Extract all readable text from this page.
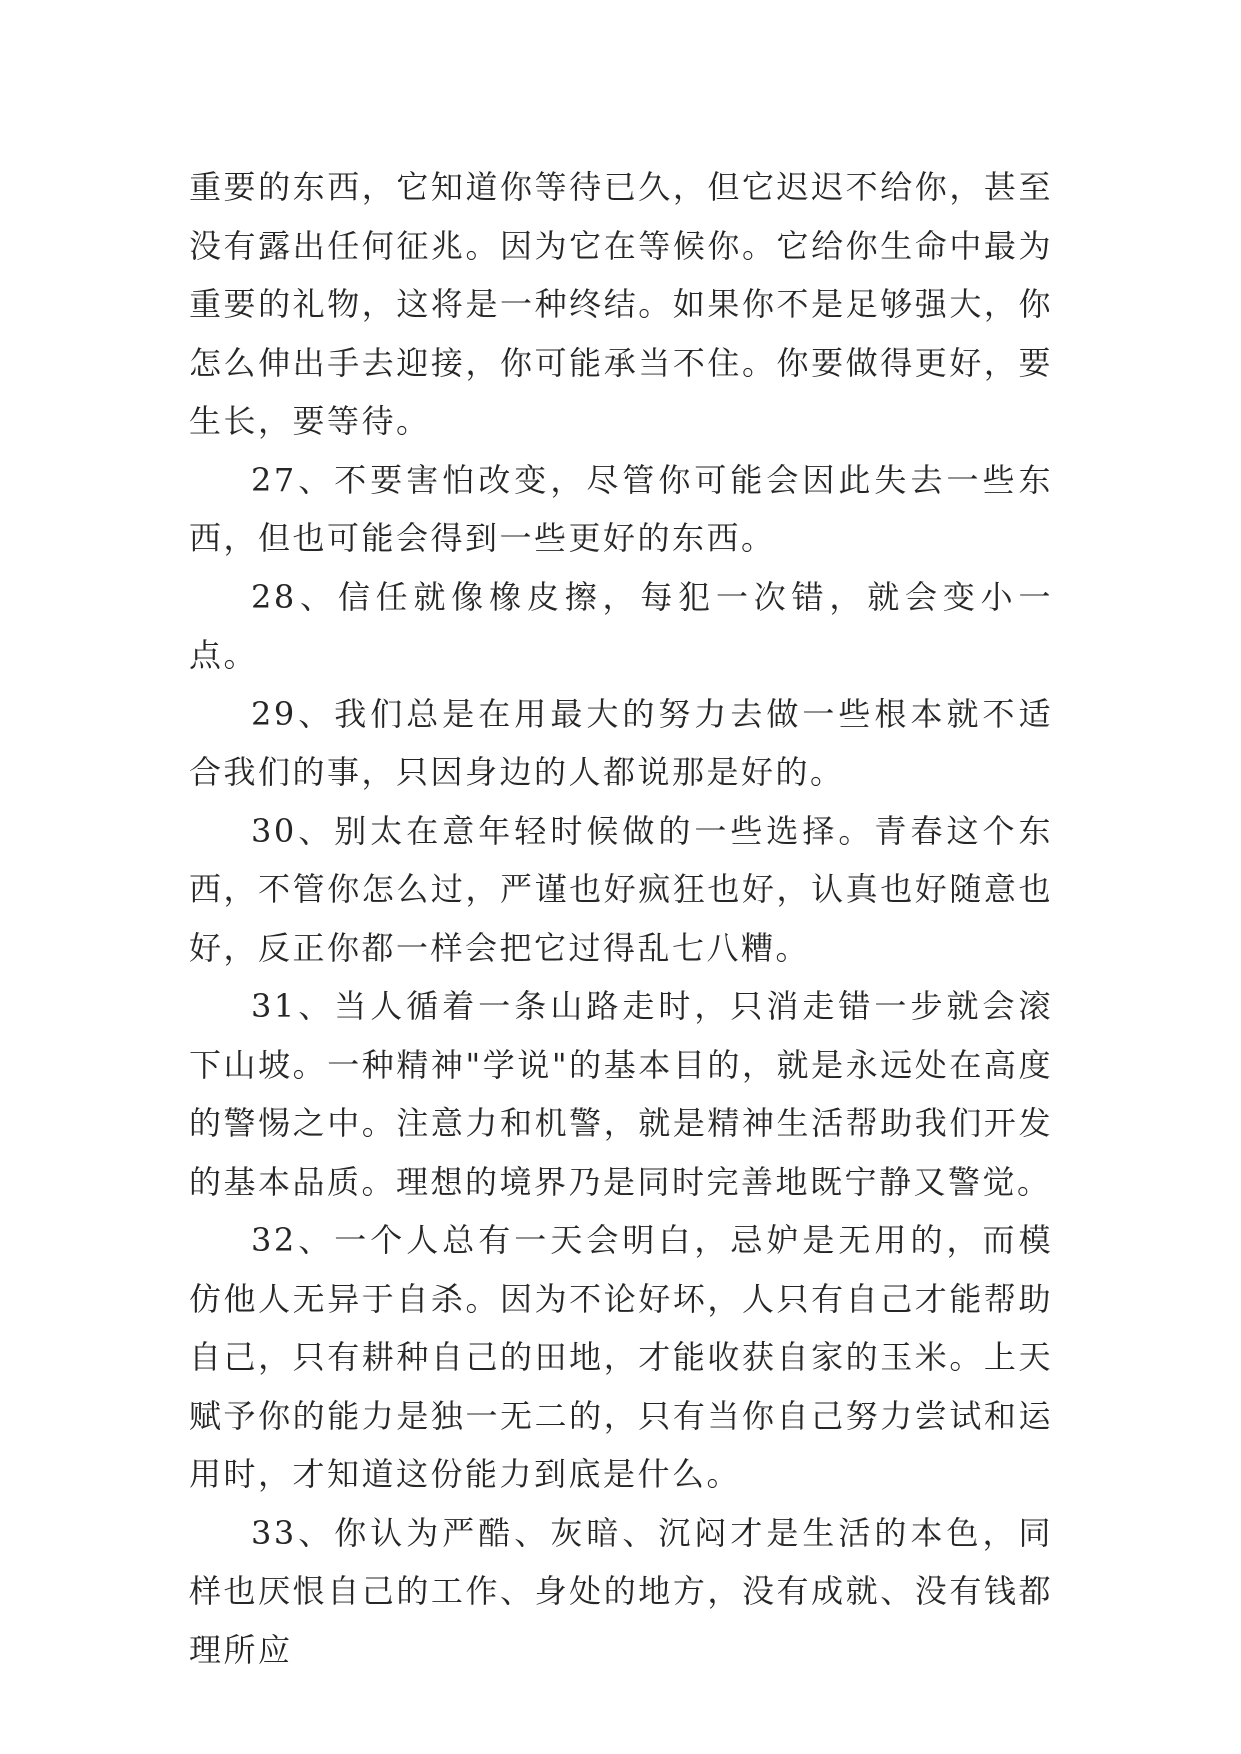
重要的东西，它知道你等待已久，但它迟迟不给你，甚至没有露出任何征兆。因为它在等候你。它给你生命中最为重要的礼物，这将是一种终结。如果你不是足够强大，你怎么伸出手去迎接，你可能承当不住。你要做得更好，要生长，要等待。

27、不要害怕改变，尽管你可能会因此失去一些东西，但也可能会得到一些更好的东西。

28、信任就像橡皮擦，每犯一次错，就会变小一点。

29、我们总是在用最大的努力去做一些根本就不适合我们的事，只因身边的人都说那是好的。

30、别太在意年轻时候做的一些选择。青春这个东西，不管你怎么过，严谨也好疯狂也好，认真也好随意也好，反正你都一样会把它过得乱七八糟。

31、当人循着一条山路走时，只消走错一步就会滚下山坡。一种精神"学说"的基本目的，就是永远处在高度的警惕之中。注意力和机警，就是精神生活帮助我们开发的基本品质。理想的境界乃是同时完善地既宁静又警觉。

32、一个人总有一天会明白，忌妒是无用的，而模仿他人无异于自杀。因为不论好坏，人只有自己才能帮助自己，只有耕种自己的田地，才能收获自家的玉米。上天赋予你的能力是独一无二的，只有当你自己努力尝试和运用时，才知道这份能力到底是什么。

33、你认为严酷、灰暗、沉闷才是生活的本色，同样也厌恨自己的工作、身处的地方，没有成就、没有钱都理所应
